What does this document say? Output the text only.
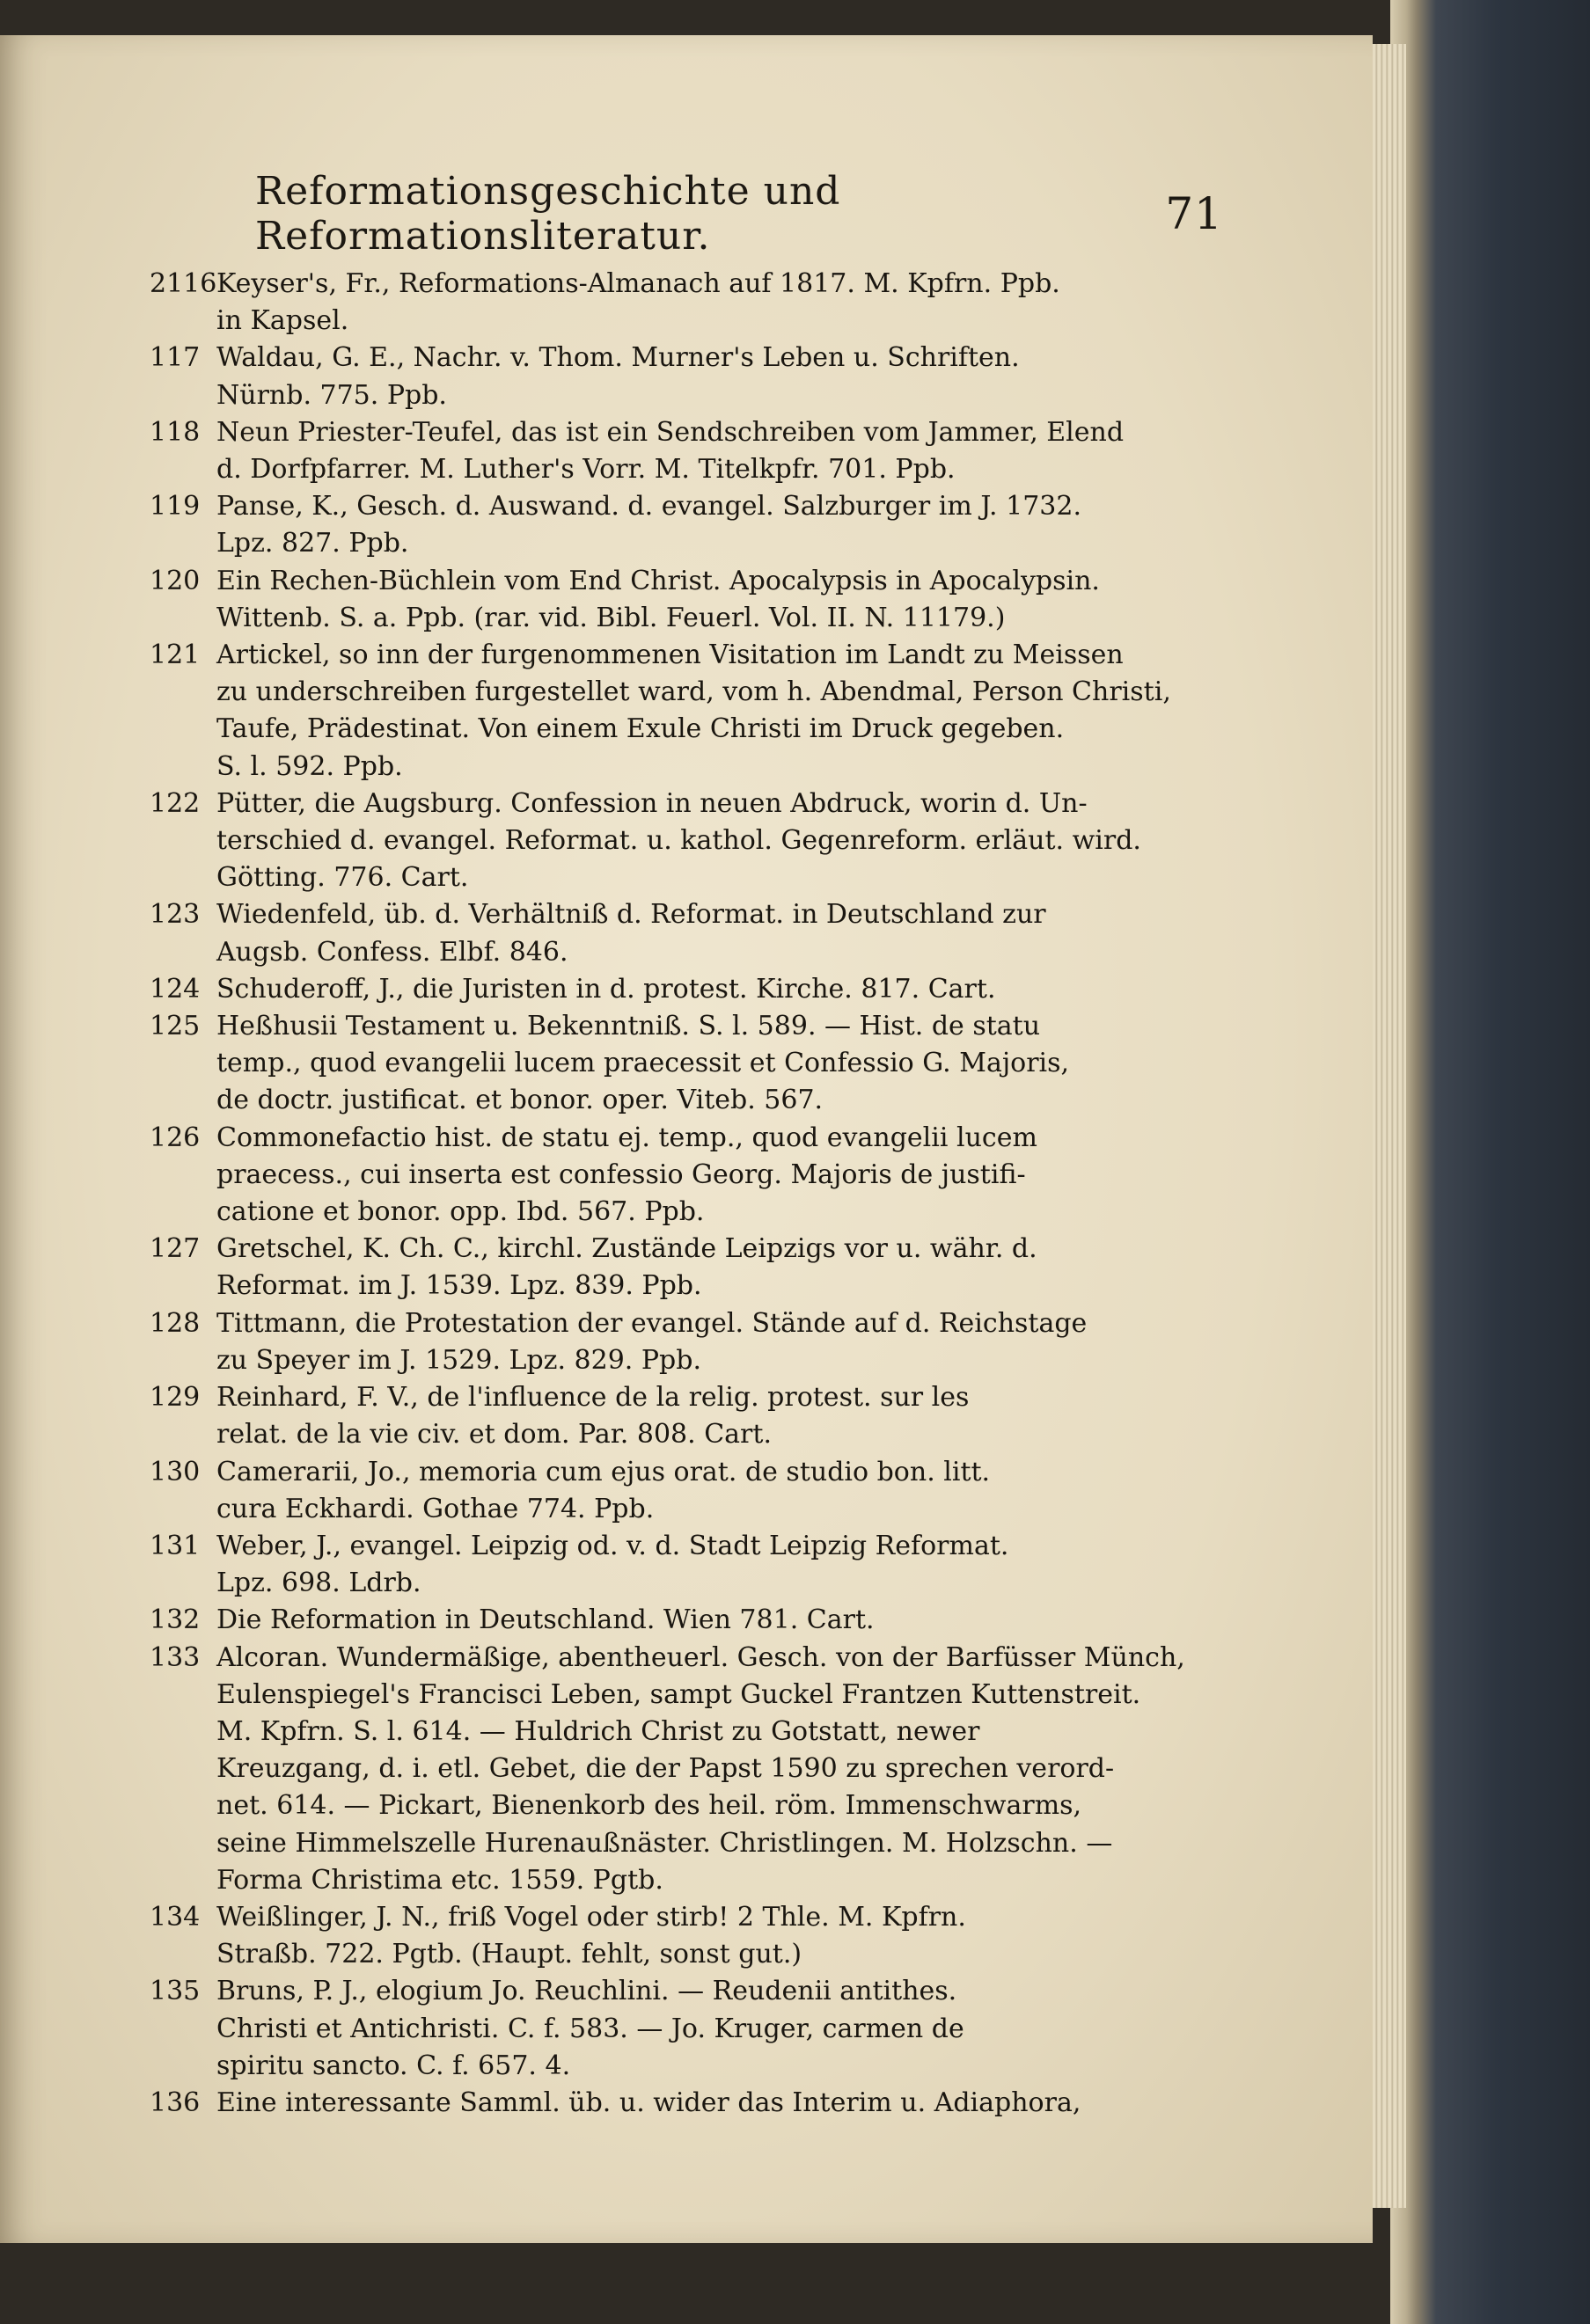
Reformationsgeschichte und Reformationsliteratur.	71
2116 Keyser's, Fr., Reformations-Almanach auf 1817. M. Kpfrn. Ppb.
in Kapsel.
117 Waldau, G. E., Nachr. v. Thom. Murner's Leben u. Schriften.
Nürnb. 775. Ppb.
118 Neun Priester-Teufel, das ist ein Sendschreiben vom Jammer, Elend
d. Dorfpfarrer. M. Luther's Vorr. M. Titelkpfr. 701. Ppb.
119 Panse, K., Gesch. d. Auswand. d. evangel. Salzburger im J. 1732.
Lpz. 827. Ppb.
120 Ein Rechen-Büchlein vom End Christ. Apocalypsis in Apocalypsin.
Wittenb. S. a. Ppb. (rar. vid. Bibl. Feuerl. Vol. II. N. 11179.)
121 Artickel, so inn der furgenommenen Visitation im Landt zu Meissen
zu underschreiben furgestellet ward, vom h. Abendmal, Person Christi,
Taufe, Prädestinat. Von einem Exule Christi im Druck gegeben.
S. l. 592. Ppb.
122 Pütter, die Augsburg. Confession in neuen Abdruck, worin d. Un-
terschied d. evangel. Reformat. u. kathol. Gegenreform. erläut. wird.
Götting. 776. Cart.
123 Wiedenfeld, üb. d. Verhältniß d. Reformat. in Deutschland zur
Augsb. Confess. Elbf. 846.
124 Schuderoff, J., die Juristen in d. protest. Kirche. 817. Cart.
125 Heßhusii Testament u. Bekenntniß. S. l. 589. — Hist. de statu
temp., quod evangelii lucem praecessit et Confessio G. Majoris,
de doctr. justificat. et bonor. oper. Viteb. 567.
126 Commonefactio hist. de statu ej. temp., quod evangelii lucem
praecess., cui inserta est confessio Georg. Majoris de justifi-
catione et bonor. opp. Ibd. 567. Ppb.
127 Gretschel, K. Ch. C., kirchl. Zustände Leipzigs vor u. währ. d.
Reformat. im J. 1539. Lpz. 839. Ppb.
128 Tittmann, die Protestation der evangel. Stände auf d. Reichstage
zu Speyer im J. 1529. Lpz. 829. Ppb.
129 Reinhard, F. V., de l'influence de la relig. protest. sur les
relat. de la vie civ. et dom. Par. 808. Cart.
130 Camerarii, Jo., memoria cum ejus orat. de studio bon. litt.
cura Eckhardi. Gothae 774. Ppb.
131 Weber, J., evangel. Leipzig od. v. d. Stadt Leipzig Reformat.
Lpz. 698. Ldrb.
132 Die Reformation in Deutschland. Wien 781. Cart.
133 Alcoran. Wundermäßige, abentheuerl. Gesch. von der Barfüsser Münch,
Eulenspiegel's Francisci Leben, sampt Guckel Frantzen Kuttenstreit.
M. Kpfrn. S. l. 614. — Huldrich Christ zu Gotstatt, newer
Kreuzgang, d. i. etl. Gebet, die der Papst 1590 zu sprechen verord-
net. 614. — Pickart, Bienenkorb des heil. röm. Immenschwarms,
seine Himmelszelle Hurenaußnäster. Christlingen. M. Holzschn. —
Forma Christima etc. 1559. Pgtb.
134 Weißlinger, J. N., friß Vogel oder stirb! 2 Thle. M. Kpfrn.
Straßb. 722. Pgtb. (Haupt. fehlt, sonst gut.)
135 Bruns, P. J., elogium Jo. Reuchlini. — Reudenii antithes.
Christi et Antichristi. C. f. 583. — Jo. Kruger, carmen de
spiritu sancto. C. f. 657. 4.
136 Eine interessante Samml. üb. u. wider das Interim u. Adiaphora,
